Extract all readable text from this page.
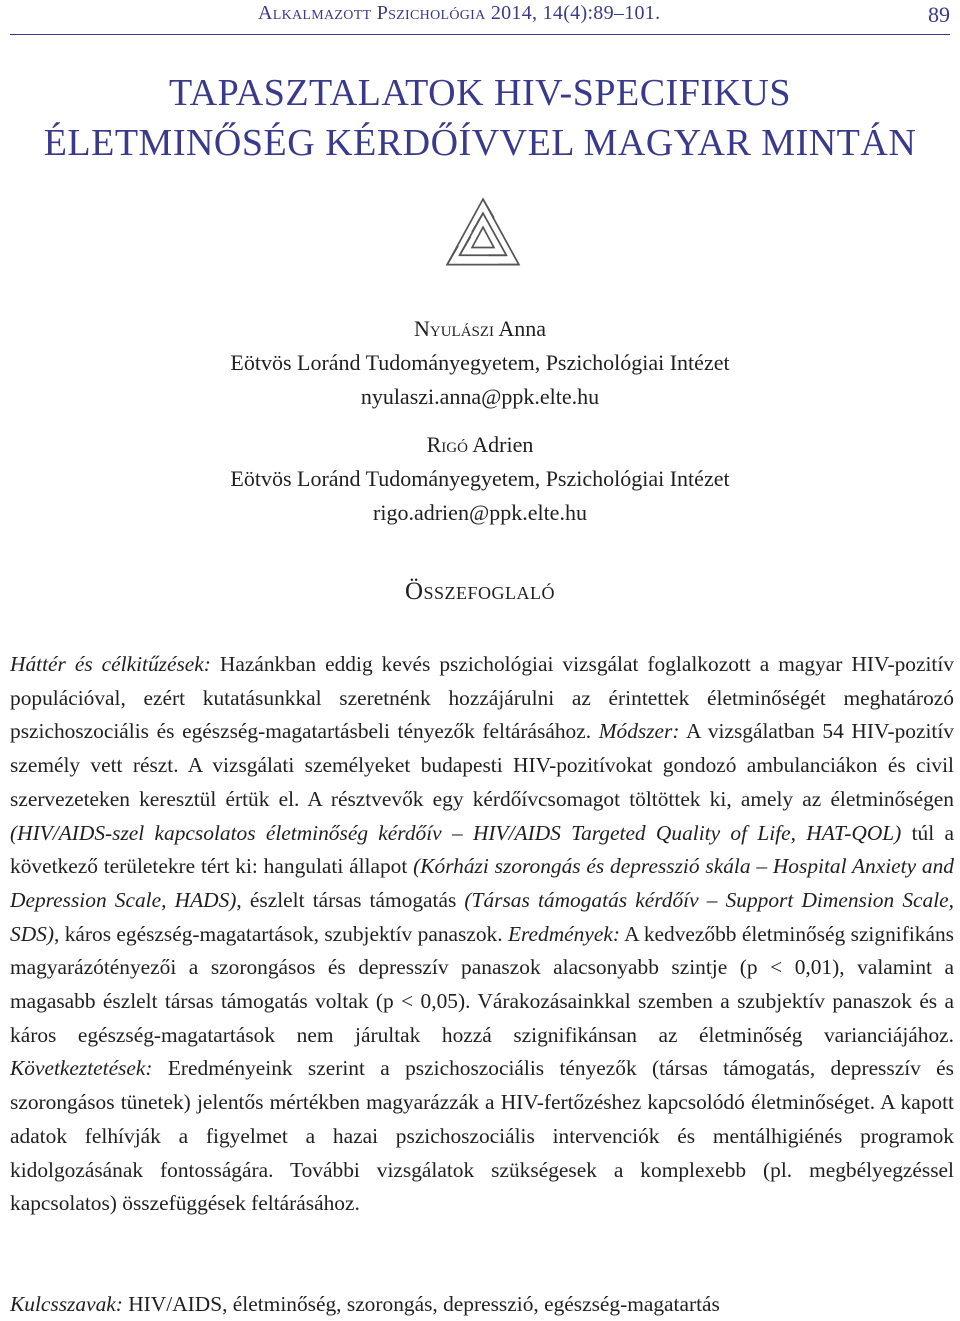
Alkalmazott Pszichológia 2014, 14(4):89–101.	89
TAPASZTALATOK HIV-SPECIFIKUS
ÉLETMINŐSÉG KÉRDŐÍVVEL MAGYAR MINTÁN
Nyulászi Anna
Eötvös Loránd Tudományegyetem, Pszichológiai Intézet
nyulaszi.anna@ppk.elte.hu
Rigó Adrien
Eötvös Loránd Tudományegyetem, Pszichológiai Intézet
rigo.adrien@ppk.elte.hu
Összefoglaló

Háttér és célkitűzések: Hazánkban eddig kevés pszichológiai vizsgálat foglalkozott a magyar HIV-pozitív populációval, ezért kutatásunkkal szeretnénk hozzájárulni az érintettek életminőségét meghatározó pszichoszociális és egészség-magatartásbeli tényezők feltárásához. Módszer: A vizsgálatban 54 HIV-pozitív személy vett részt. A vizsgálati személyeket budapesti HIV-pozitívokat gondozó ambulanciákon és civil szervezeteken keresztül értük el. A résztvevők egy kérdőívcsomagot töltöttek ki, amely az életminőségen (HIV/AIDS-szel kapcsolatos életminőség kérdőív – HIV/AIDS Targeted Quality of Life, HAT-QOL) túl a következő területekre tért ki: hangulati állapot (Kórházi szorongás és depresszió skála – Hospital Anxiety and Depression Scale, HADS), észlelt társas támogatás (Társas támogatás kérdőív – Support Dimension Scale, SDS), káros egészség-magatartások, szubjektív panaszok. Eredmények: A kedvezőbb életminőség szignifikáns magyarázótényezői a szorongásos és depresszív panaszok alacsonyabb szintje (p < 0,01), valamint a magasabb észlelt társas támogatás voltak (p < 0,05). Várakozásainkkal szemben a szubjektív panaszok és a káros egészség-magatartások nem járultak hozzá szignifikánsan az életminőség varianciájához. Következtetések: Eredményeink szerint a pszichoszociális tényezők (társas támogatás, depresszív és szorongásos tünetek) jelentős mértékben magyarázzák a HIV-fertőzéshez kapcsolódó életminőséget. A kapott adatok felhívják a figyelmet a hazai pszichoszociális intervenciók és mentálhigiénés programok kidolgozásának fontosságára. További vizsgálatok szükségesek a komplexebb (pl. megbélyegzéssel kapcsolatos) összefüggések feltárásához.

Kulcsszavak: HIV/AIDS, életminőség, szorongás, depresszió, egészség-magatartás
